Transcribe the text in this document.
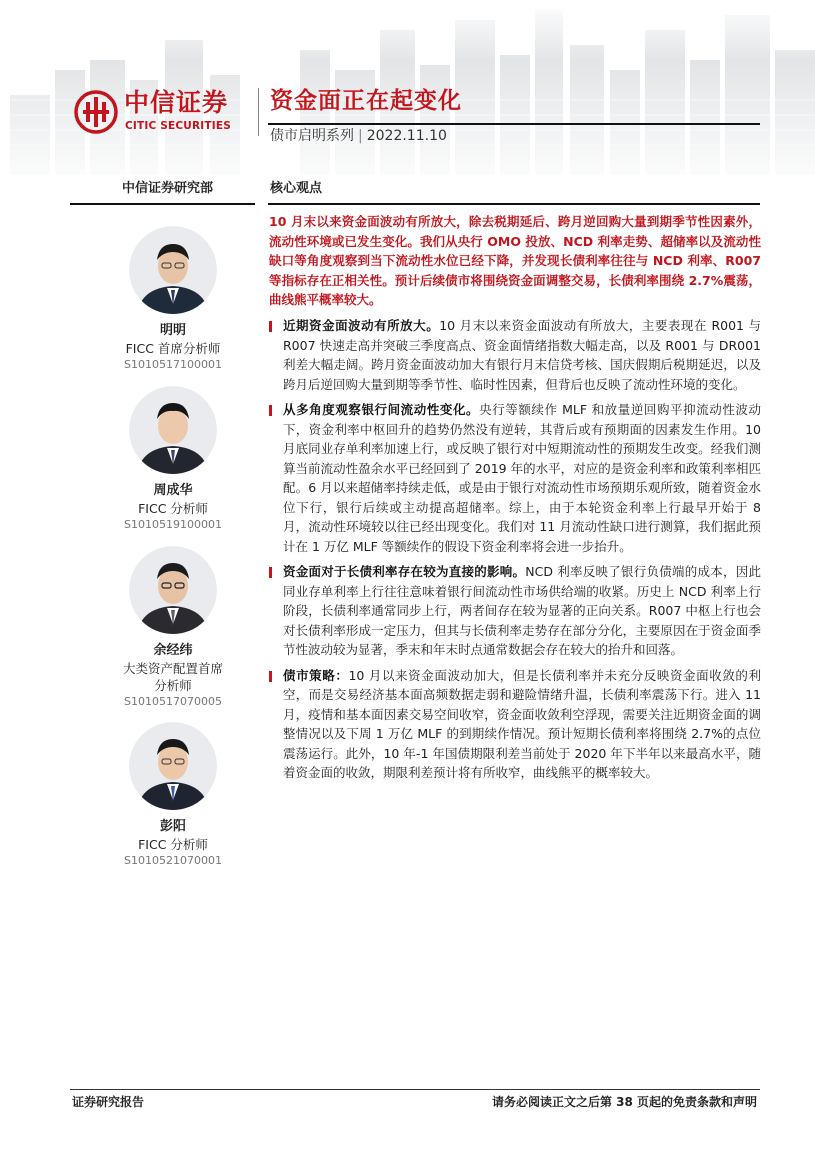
中信证券
CITIC SECURITIES
资金面正在起变化
债市启明系列 | 2022.11.10
中信证券研究部	核心观点
明明
FICC 首席分析师
S1010517100001
周成华
FICC 分析师
S1010519100001
余经纬
大类资产配置首席
分析师
S1010517070005
彭阳
FICC 分析师
S1010521070001
10 月末以来资金面波动有所放大，除去税期延后、跨月逆回购大量到期季节性因素外，流动性环境或已发生变化。我们从央行 OMO 投放、NCD 利率走势、超储率以及流动性缺口等角度观察到当下流动性水位已经下降，并发现长债利率往往与 NCD 利率、R007 等指标存在正相关性。预计后续债市将围绕资金面调整交易，长债利率围绕 2.7%震荡，曲线熊平概率较大。
近期资金面波动有所放大。10 月末以来资金面波动有所放大，主要表现在 R001 与 R007 快速走高并突破三季度高点、资金面情绪指数大幅走高，以及 R001 与 DR001 利差大幅走阔。跨月资金面波动加大有银行月末信贷考核、国庆假期后税期延迟，以及跨月后逆回购大量到期等季节性、临时性因素，但背后也反映了流动性环境的变化。
从多角度观察银行间流动性变化。央行等额续作 MLF 和放量逆回购平抑流动性波动下，资金利率中枢回升的趋势仍然没有逆转，其背后或有预期面的因素发生作用。10 月底同业存单利率加速上行，或反映了银行对中短期流动性的预期发生改变。经我们测算当前流动性盈余水平已经回到了 2019 年的水平，对应的是资金利率和政策利率相匹配。6 月以来超储率持续走低，或是由于银行对流动性市场预期乐观所致，随着资金水位下行，银行后续或主动提高超储率。综上，由于本轮资金利率上行最早开始于 8 月，流动性环境较以往已经出现变化。我们对 11 月流动性缺口进行测算，我们据此预计在 1 万亿 MLF 等额续作的假设下资金利率将会进一步抬升。
资金面对于长债利率存在较为直接的影响。NCD 利率反映了银行负债端的成本，因此同业存单利率上行往往意味着银行间流动性市场供给端的收紧。历史上 NCD 利率上行阶段，长债利率通常同步上行，两者间存在较为显著的正向关系。R007 中枢上行也会对长债利率形成一定压力，但其与长债利率走势存在部分分化，主要原因在于资金面季节性波动较为显著，季末和年末时点通常数据会存在较大的抬升和回落。
债市策略：10 月以来资金面波动加大，但是长债利率并未充分反映资金面收敛的利空，而是交易经济基本面高频数据走弱和避险情绪升温，长债利率震荡下行。进入 11 月，疫情和基本面因素交易空间收窄，资金面收敛利空浮现，需要关注近期资金面的调整情况以及下周 1 万亿 MLF 的到期续作情况。预计短期长债利率将围绕 2.7%的点位震荡运行。此外，10 年-1 年国债期限利差当前处于 2020 年下半年以来最高水平，随着资金面的收敛，期限利差预计将有所收窄，曲线熊平的概率较大。
证券研究报告	请务必阅读正文之后第 38 页起的免责条款和声明
